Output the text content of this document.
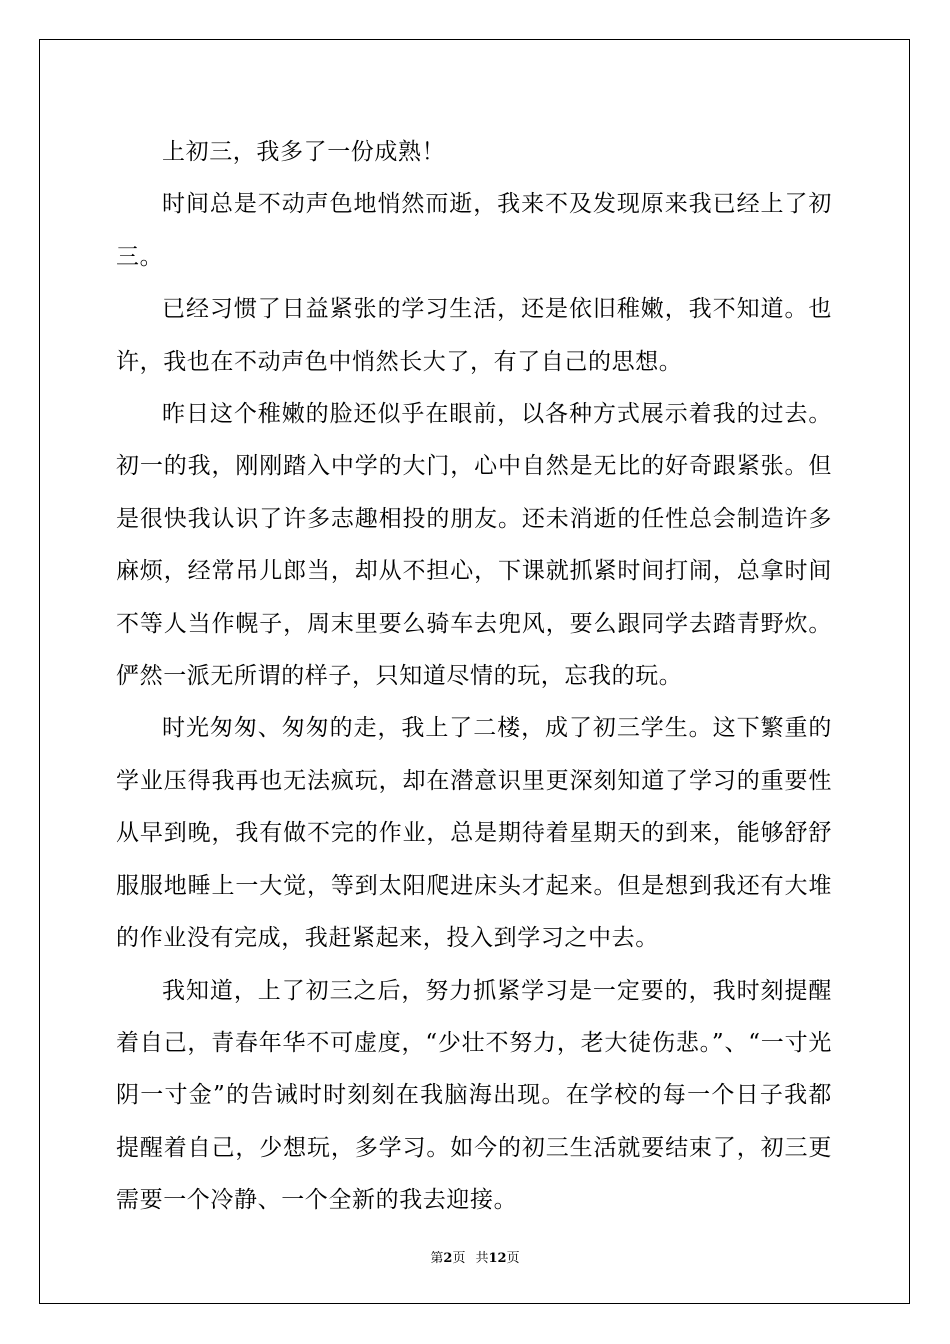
上初三，我多了一份成熟！

时间总是不动声色地悄然而逝，我来不及发现原来我已经上了初三。

已经习惯了日益紧张的学习生活，还是依旧稚嫩，我不知道。也许，我也在不动声色中悄然长大了，有了自己的思想。

昨日这个稚嫩的脸还似乎在眼前，以各种方式展示着我的过去。初一的我，刚刚踏入中学的大门，心中自然是无比的好奇跟紧张。但是很快我认识了许多志趣相投的朋友。还未消逝的任性总会制造许多麻烦，经常吊儿郎当，却从不担心，下课就抓紧时间打闹，总拿时间不等人当作幌子，周末里要么骑车去兜风，要么跟同学去踏青野炊。俨然一派无所谓的样子，只知道尽情的玩，忘我的玩。

时光匆匆、匆匆的走，我上了二楼，成了初三学生。这下繁重的学业压得我再也无法疯玩，却在潜意识里更深刻知道了学习的重要性从早到晚，我有做不完的作业，总是期待着星期天的到来，能够舒舒服服地睡上一大觉，等到太阳爬进床头才起来。但是想到我还有大堆的作业没有完成，我赶紧起来，投入到学习之中去。

我知道，上了初三之后，努力抓紧学习是一定要的，我时刻提醒着自己，青春年华不可虚度，“少壮不努力，老大徒伤悲。”、“一寸光阴一寸金”的告诫时时刻刻在我脑海出现。在学校的每一个日子我都提醒着自己，少想玩，多学习。如今的初三生活就要结束了，初三更需要一个冷静、一个全新的我去迎接。

第2页 共12页
